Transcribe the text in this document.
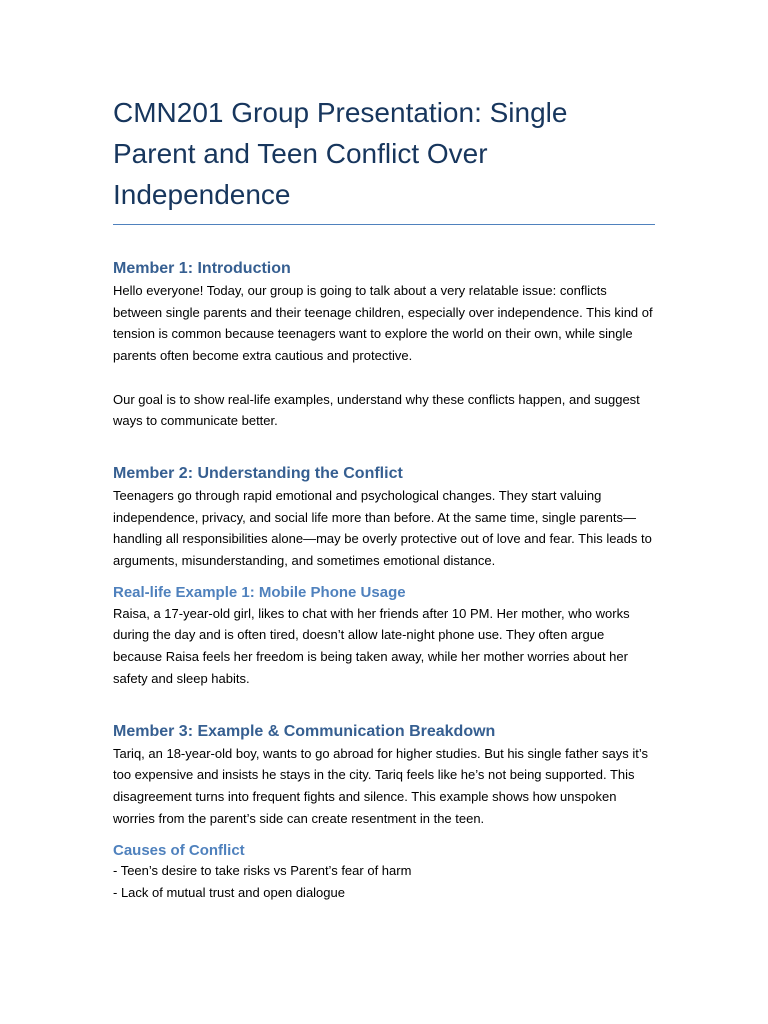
CMN201 Group Presentation: Single Parent and Teen Conflict Over Independence
Member 1: Introduction

Hello everyone! Today, our group is going to talk about a very relatable issue: conflicts between single parents and their teenage children, especially over independence. This kind of tension is common because teenagers want to explore the world on their own, while single parents often become extra cautious and protective.

Our goal is to show real-life examples, understand why these conflicts happen, and suggest ways to communicate better.

Member 2: Understanding the Conflict

Teenagers go through rapid emotional and psychological changes. They start valuing independence, privacy, and social life more than before. At the same time, single parents—handling all responsibilities alone—may be overly protective out of love and fear. This leads to arguments, misunderstanding, and sometimes emotional distance.

Real-life Example 1: Mobile Phone Usage

Raisa, a 17-year-old girl, likes to chat with her friends after 10 PM. Her mother, who works during the day and is often tired, doesn’t allow late-night phone use. They often argue because Raisa feels her freedom is being taken away, while her mother worries about her safety and sleep habits.

Member 3: Example & Communication Breakdown

Tariq, an 18-year-old boy, wants to go abroad for higher studies. But his single father says it’s too expensive and insists he stays in the city. Tariq feels like he’s not being supported. This disagreement turns into frequent fights and silence. This example shows how unspoken worries from the parent’s side can create resentment in the teen.

Causes of Conflict

- Teen’s desire to take risks vs Parent’s fear of harm

- Lack of mutual trust and open dialogue
